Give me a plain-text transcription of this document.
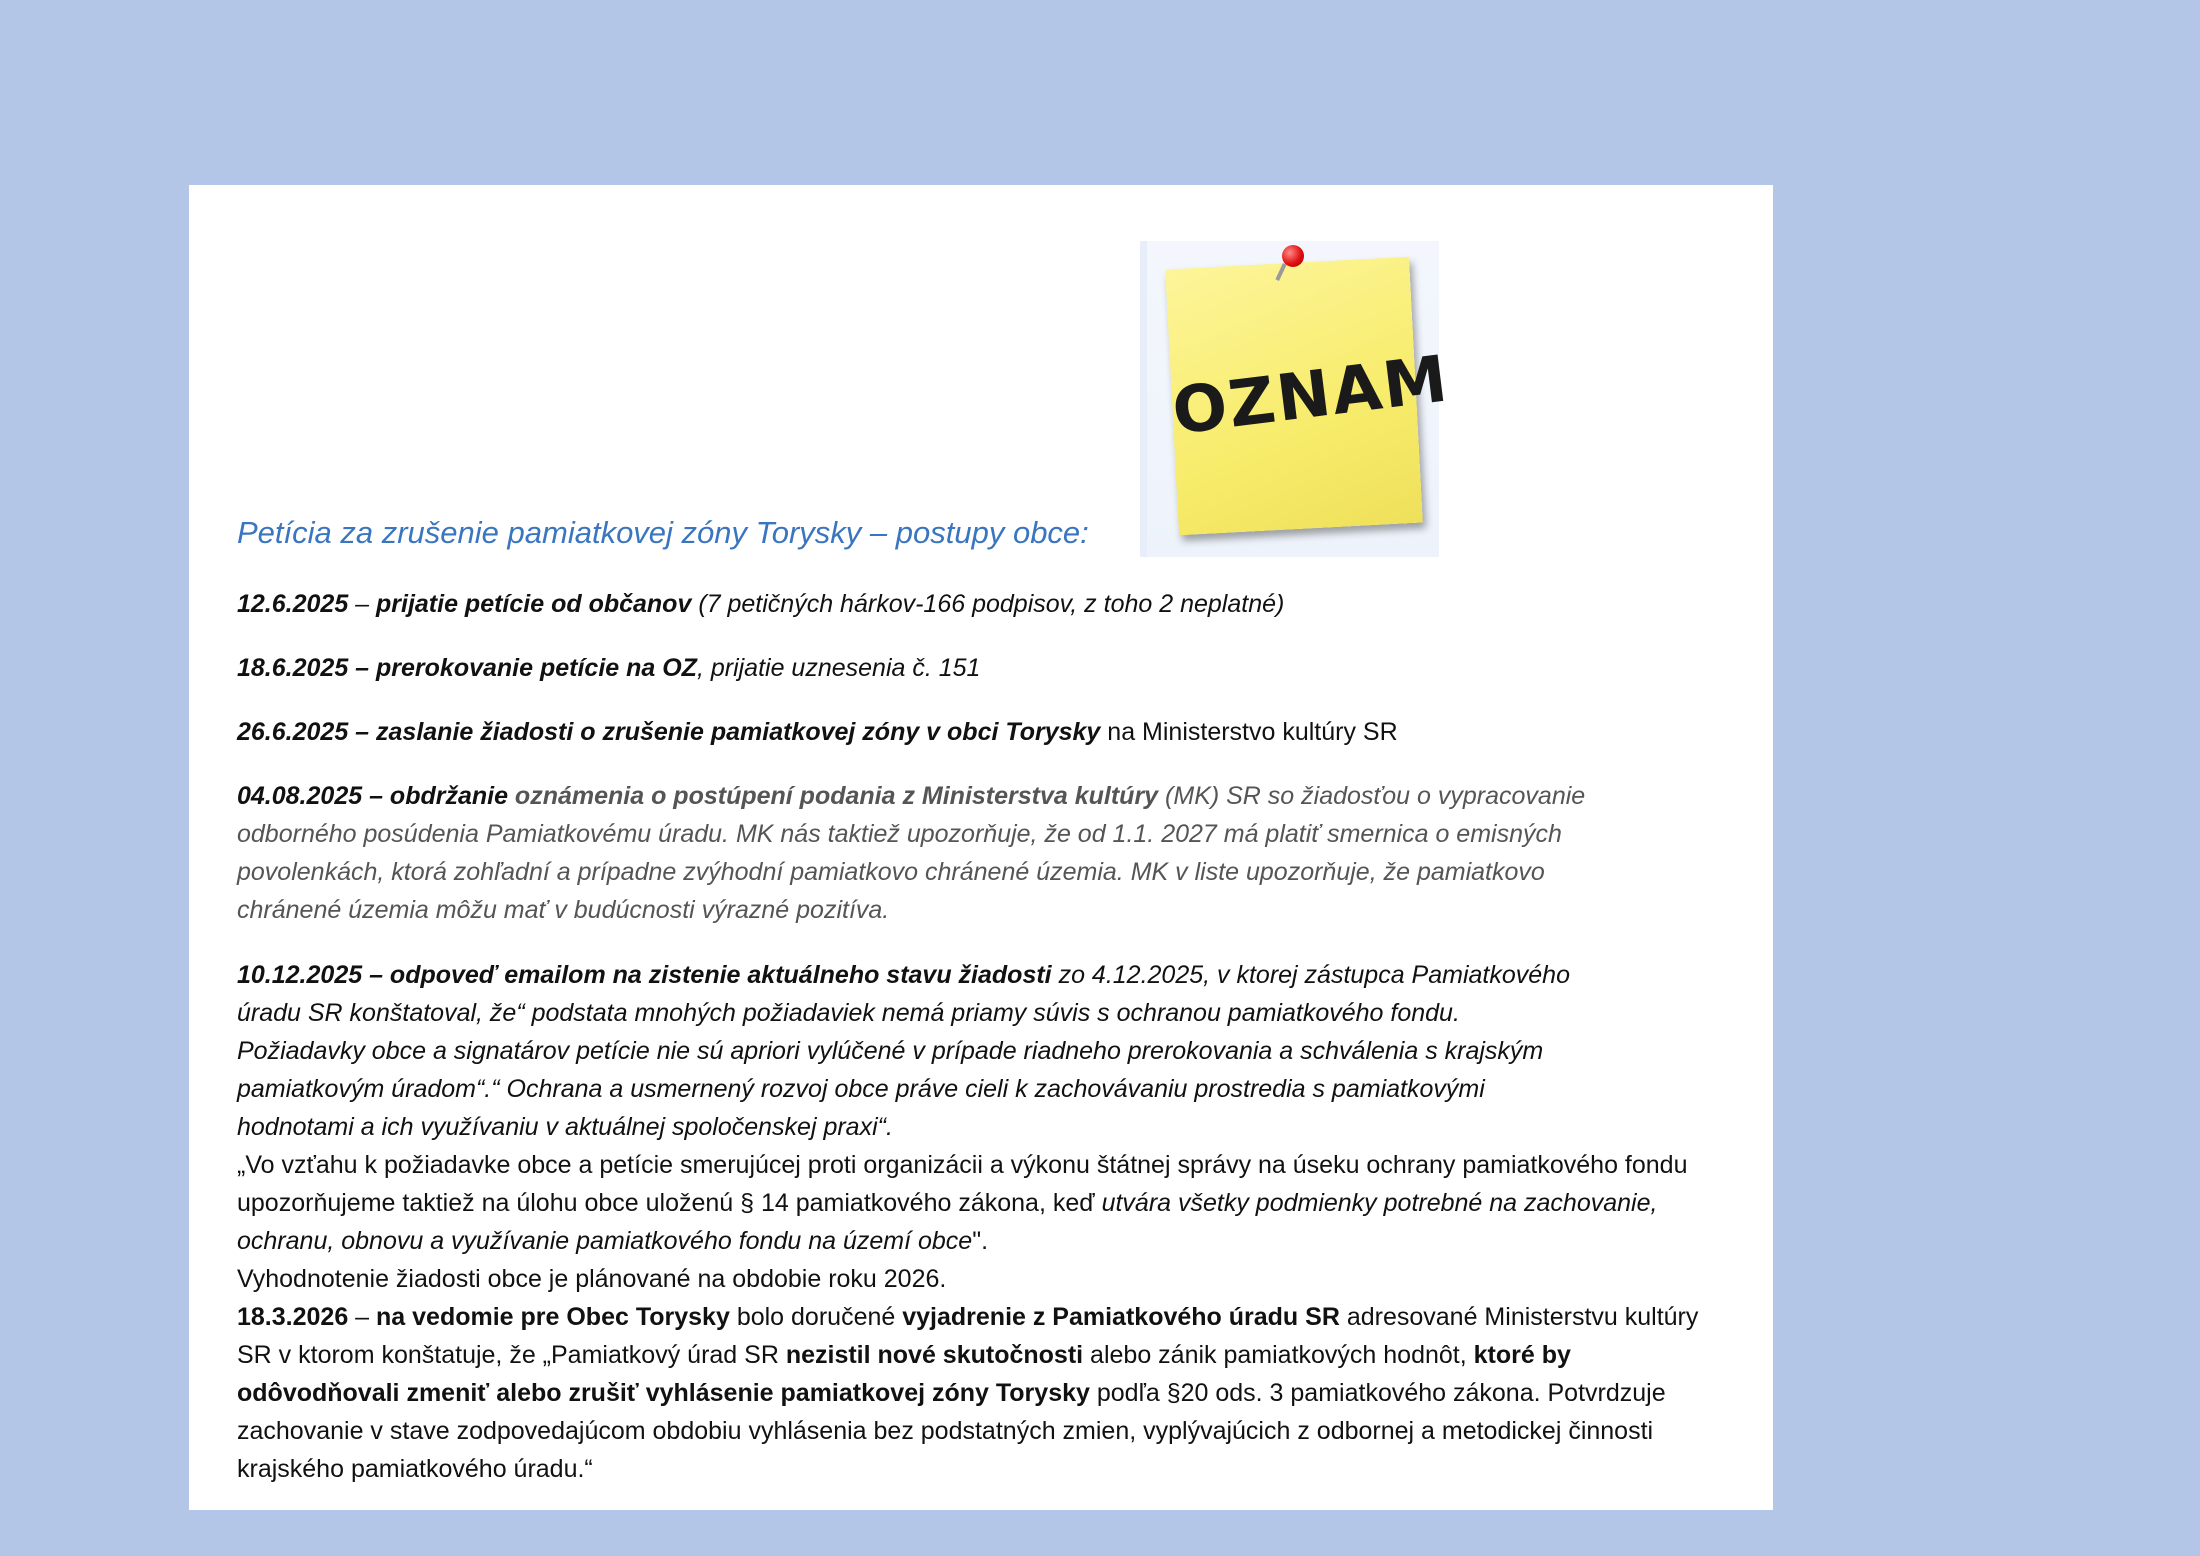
OZNAM
Petícia za zrušenie pamiatkovej zóny Torysky – postupy obce:

12.6.2025 – prijatie petície od občanov (7 petičných hárkov-166 podpisov, z toho 2 neplatné)

18.6.2025 – prerokovanie petície na OZ, prijatie uznesenia č. 151

26.6.2025 – zaslanie žiadosti o zrušenie pamiatkovej zóny v obci Torysky na Ministerstvo kultúry SR

04.08.2025 – obdržanie oznámenia o postúpení podania z Ministerstva kultúry (MK) SR so žiadosťou o vypracovanie

odborného posúdenia Pamiatkovému úradu. MK nás taktiež upozorňuje, že od 1.1. 2027 má platiť smernica o emisných

povolenkách, ktorá zohľadní a prípadne zvýhodní pamiatkovo chránené územia. MK v liste upozorňuje, že pamiatkovo

chránené územia môžu mať v budúcnosti výrazné pozitíva.

10.12.2025 – odpoveď emailom na zistenie aktuálneho stavu žiadosti zo 4.12.2025, v ktorej zástupca Pamiatkového

úradu SR konštatoval, že“ podstata mnohých požiadaviek nemá priamy súvis s ochranou pamiatkového fondu.

Požiadavky obce a signatárov petície nie sú apriori vylúčené v prípade riadneho prerokovania a schválenia s krajským

pamiatkovým úradom“.“ Ochrana a usmernený rozvoj obce práve cieli k zachovávaniu prostredia s pamiatkovými

hodnotami a ich využívaniu v aktuálnej spoločenskej praxi“.

„Vo vzťahu k požiadavke obce a petície smerujúcej proti organizácii a výkonu štátnej správy na úseku ochrany pamiatkového fondu

upozorňujeme taktiež na úlohu obce uloženú § 14 pamiatkového zákona, keď utvára všetky podmienky potrebné na zachovanie,

ochranu, obnovu a využívanie pamiatkového fondu na území obce".

Vyhodnotenie žiadosti obce je plánované na obdobie roku 2026.

18.3.2026 – na vedomie pre Obec Torysky bolo doručené vyjadrenie z Pamiatkového úradu SR adresované Ministerstvu kultúry

SR v ktorom konštatuje, že „Pamiatkový úrad SR nezistil nové skutočnosti alebo zánik pamiatkových hodnôt, ktoré by

odôvodňovali zmeniť alebo zrušiť vyhlásenie pamiatkovej zóny Torysky podľa §20 ods. 3 pamiatkového zákona. Potvrdzuje

zachovanie v stave zodpovedajúcom obdobiu vyhlásenia bez podstatných zmien, vyplývajúcich z odbornej a metodickej činnosti

krajského pamiatkového úradu.“
